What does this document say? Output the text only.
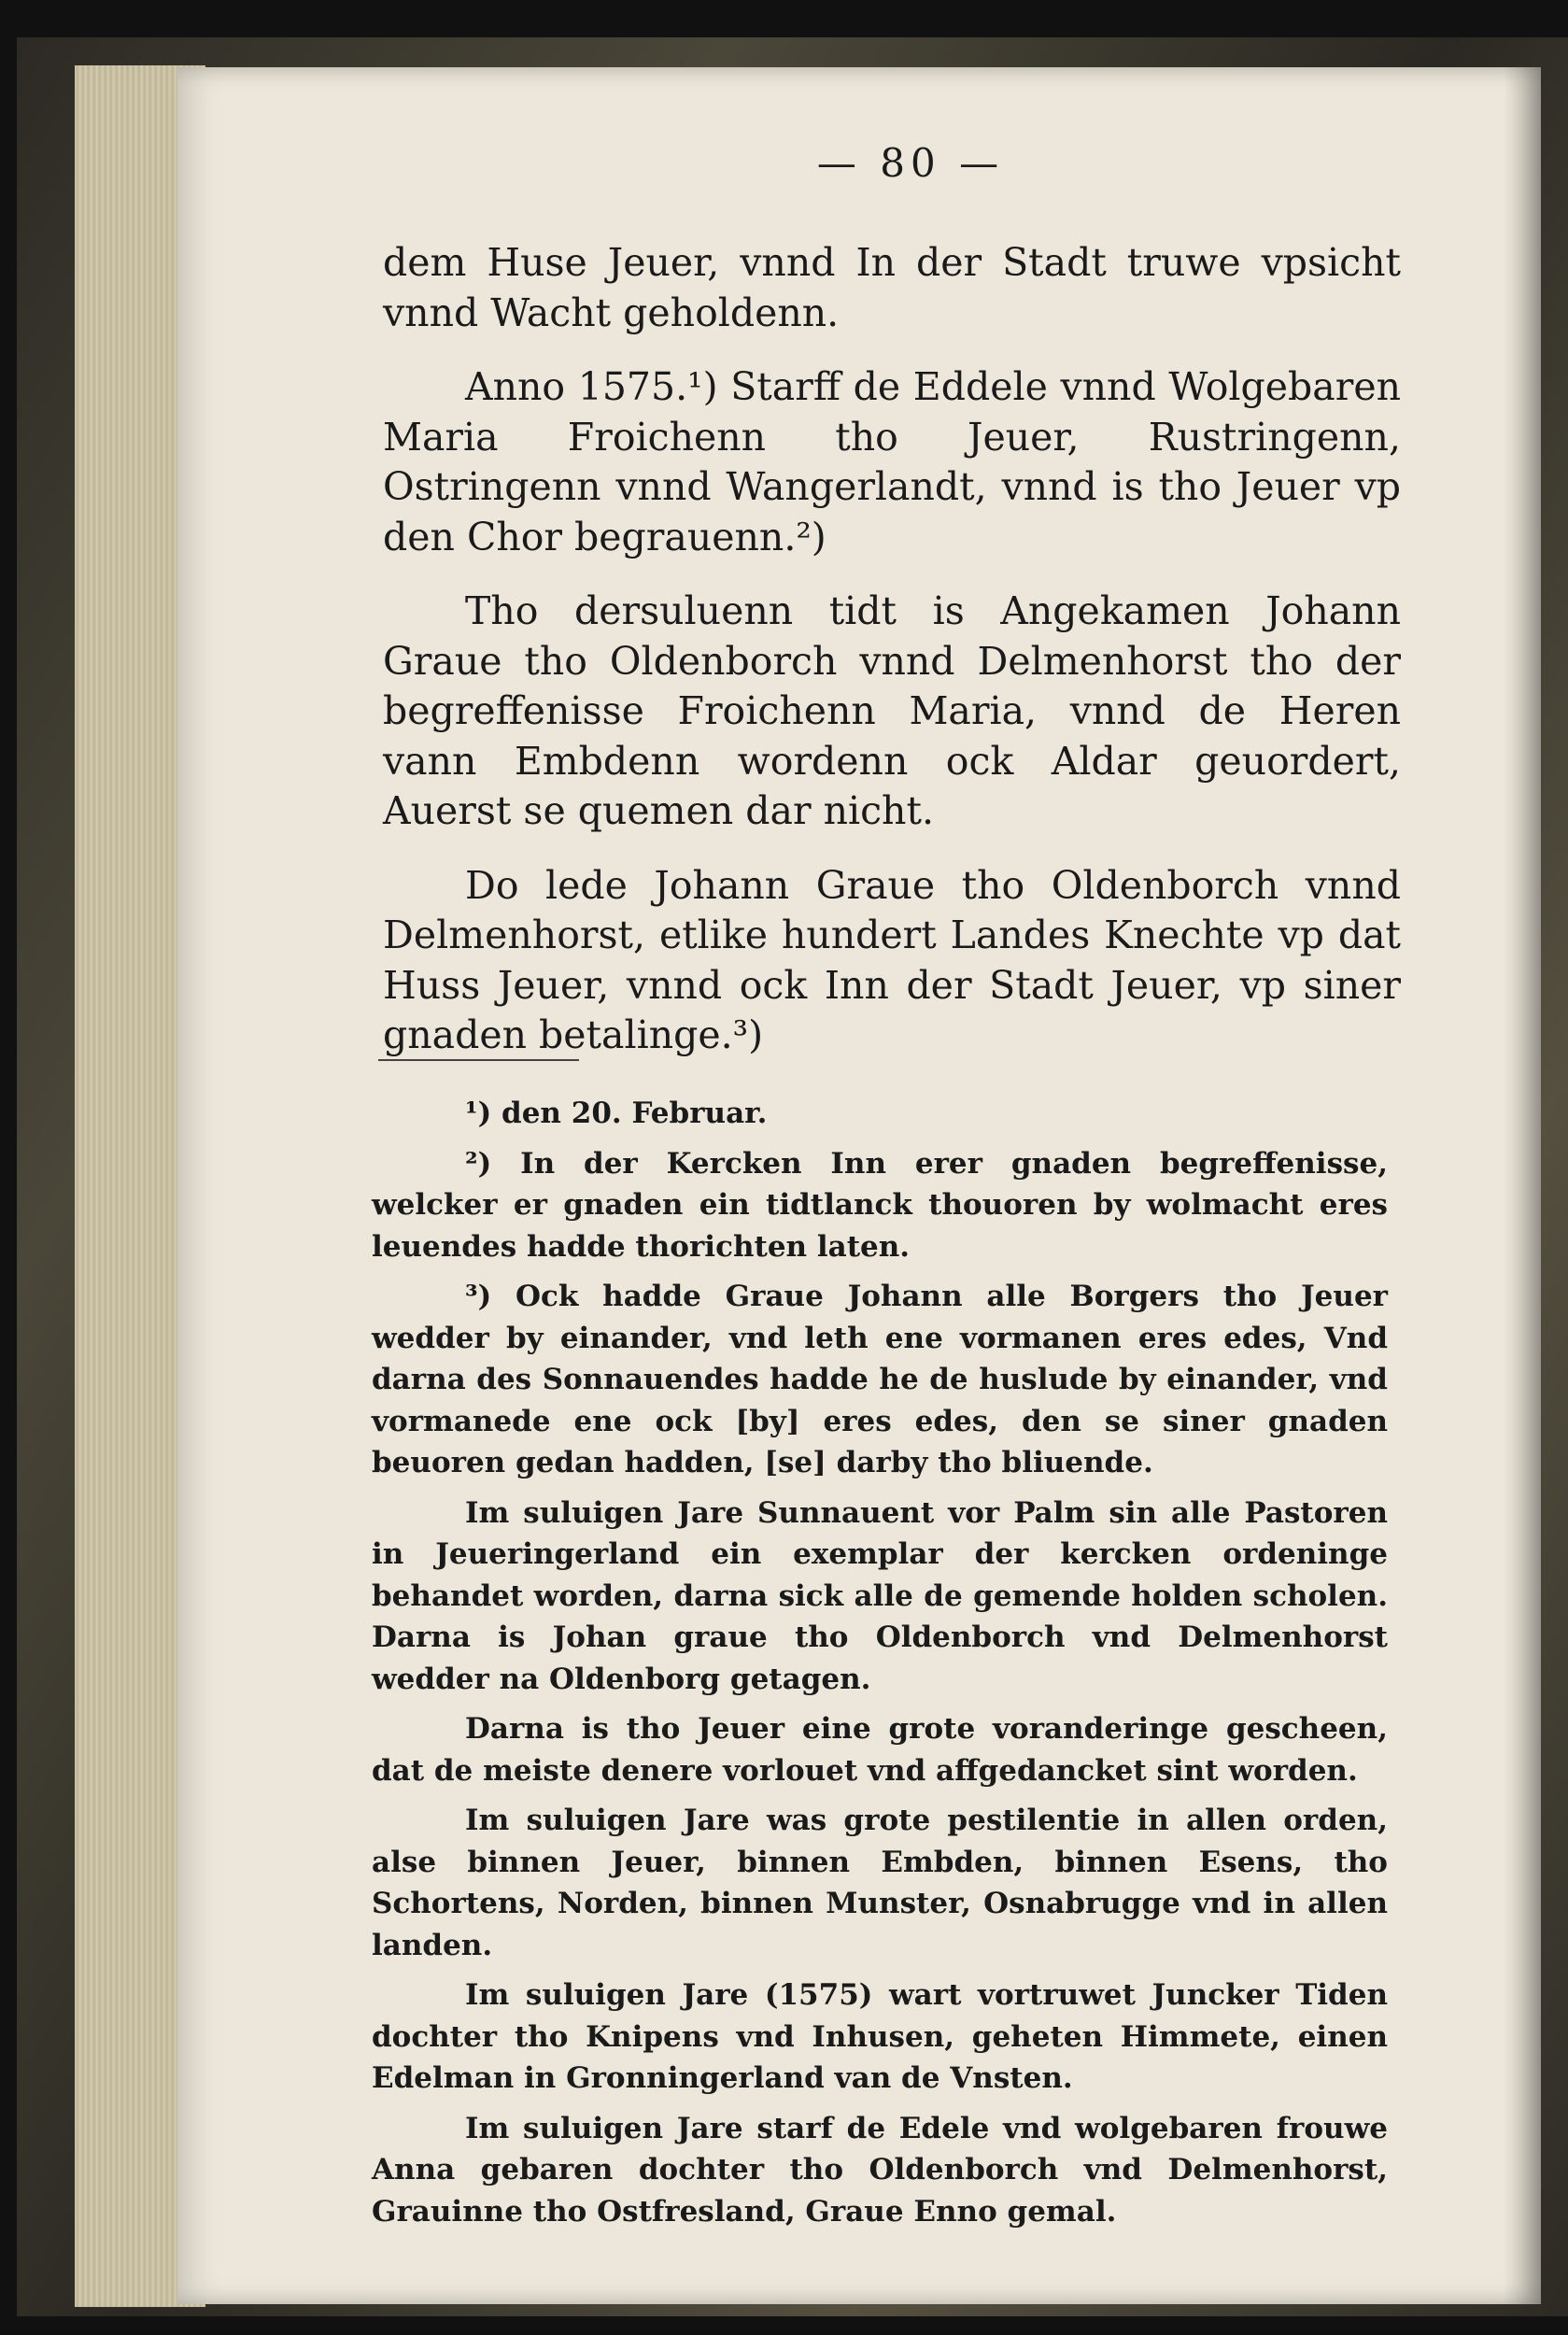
— 80 —

dem Huse Jeuer, vnnd In der Stadt truwe vpsicht vnnd Wacht geholdenn.

Anno 1575.¹) Starff de Eddele vnnd Wolgebaren Maria Froichenn tho Jeuer, Rustringenn, Ostringenn vnnd Wangerlandt, vnnd is tho Jeuer vp den Chor begrauenn.²)

Tho dersuluenn tidt is Angekamen Johann Graue tho Oldenborch vnnd Delmenhorst tho der begreffenisse Froichenn Maria, vnnd de Heren vann Embdenn wordenn ock Aldar geuordert, Auerst se quemen dar nicht.

Do lede Johann Graue tho Oldenborch vnnd Delmenhorst, etlike hundert Landes Knechte vp dat Huss Jeuer, vnnd ock Inn der Stadt Jeuer, vp siner gnaden betalinge.³)

¹) den 20. Februar.

²) In der Kercken Inn erer gnaden begreffenisse, welcker er gnaden ein tidtlanck thouoren by wolmacht eres leuendes hadde thorichten laten.

³) Ock hadde Graue Johann alle Borgers tho Jeuer wedder by einander, vnd leth ene vormanen eres edes, Vnd darna des Sonnauendes hadde he de huslude by einander, vnd vormanede ene ock [by] eres edes, den se siner gnaden beuoren gedan hadden, [se] darby tho bliuende.

Im suluigen Jare Sunnauent vor Palm sin alle Pastoren in Jeueringerland ein exemplar der kercken ordeninge behandet worden, darna sick alle de gemende holden scholen. Darna is Johan graue tho Oldenborch vnd Delmenhorst wedder na Oldenborg getagen.

Darna is tho Jeuer eine grote voranderinge gescheen, dat de meiste denere vorlouet vnd affgedancket sint worden.

Im suluigen Jare was grote pestilentie in allen orden, alse binnen Jeuer, binnen Embden, binnen Esens, tho Schortens, Norden, binnen Munster, Osnabrugge vnd in allen landen.

Im suluigen Jare (1575) wart vortruwet Juncker Tiden dochter tho Knipens vnd Inhusen, geheten Himmete, einen Edelman in Gronningerland van de Vnsten.

Im suluigen Jare starf de Edele vnd wolgebaren frouwe Anna gebaren dochter tho Oldenborch vnd Delmenhorst, Grauinne tho Ostfresland, Graue Enno gemal.
